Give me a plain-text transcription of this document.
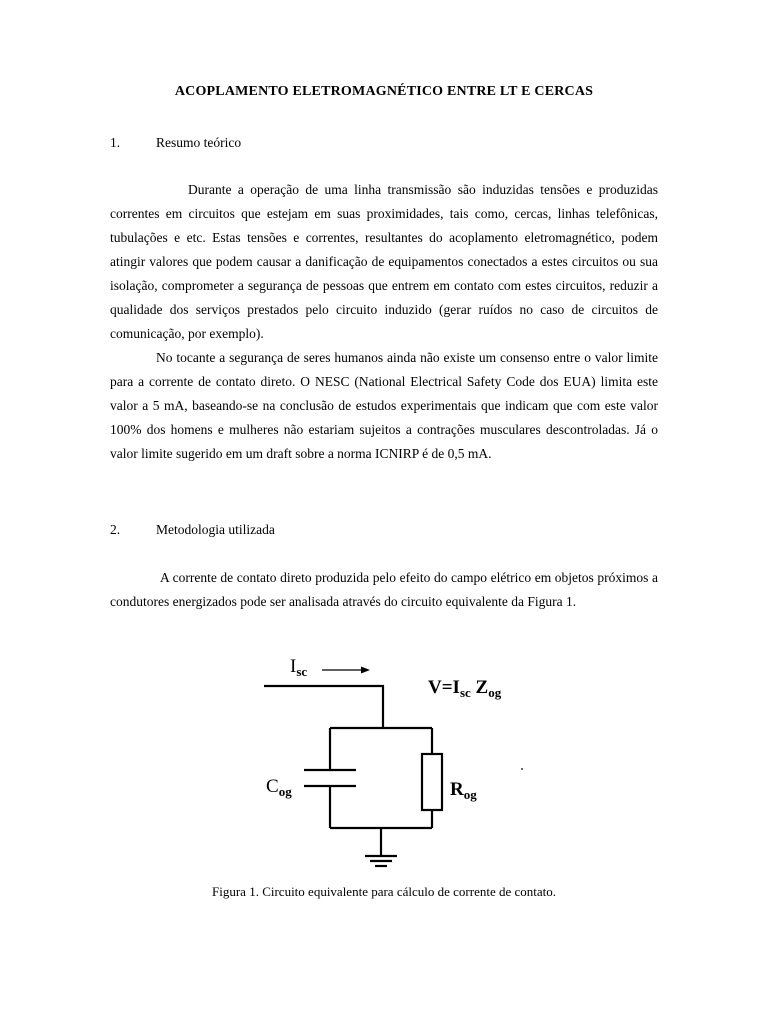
ACOPLAMENTO ELETROMAGNÉTICO ENTRE LT E CERCAS
1.	Resumo teórico

Durante a operação de uma linha transmissão são induzidas tensões e produzidas correntes em circuitos que estejam em suas proximidades, tais como, cercas, linhas telefônicas, tubulações e etc. Estas tensões e correntes, resultantes do acoplamento eletromagnético, podem atingir valores que podem causar a danificação de equipamentos conectados a estes circuitos ou sua isolação, comprometer a segurança de pessoas que entrem em contato com estes circuitos, reduzir a qualidade dos serviços prestados pelo circuito induzido (gerar ruídos no caso de circuitos de comunicação, por exemplo).

No tocante a segurança de seres humanos ainda não existe um consenso entre o valor limite para a corrente de contato direto. O NESC (National Electrical Safety Code dos EUA) limita este valor a 5 mA, baseando-se na conclusão de estudos experimentais que indicam que com este valor 100% dos homens e mulheres não estariam sujeitos a contrações musculares descontroladas. Já o valor limite sugerido em um draft sobre a norma ICNIRP é de 0,5 mA.

2.	Metodologia utilizada

A corrente de contato direto produzida pelo efeito do campo elétrico em objetos próximos a condutores energizados pode ser analisada através do circuito equivalente da Figura 1.

$I_{sc}$
$V=I_{sc}$ $Z_{og}$
$C_{og}$	$R_{og}$
Figura 1. Circuito equivalente para cálculo de corrente de contato.
